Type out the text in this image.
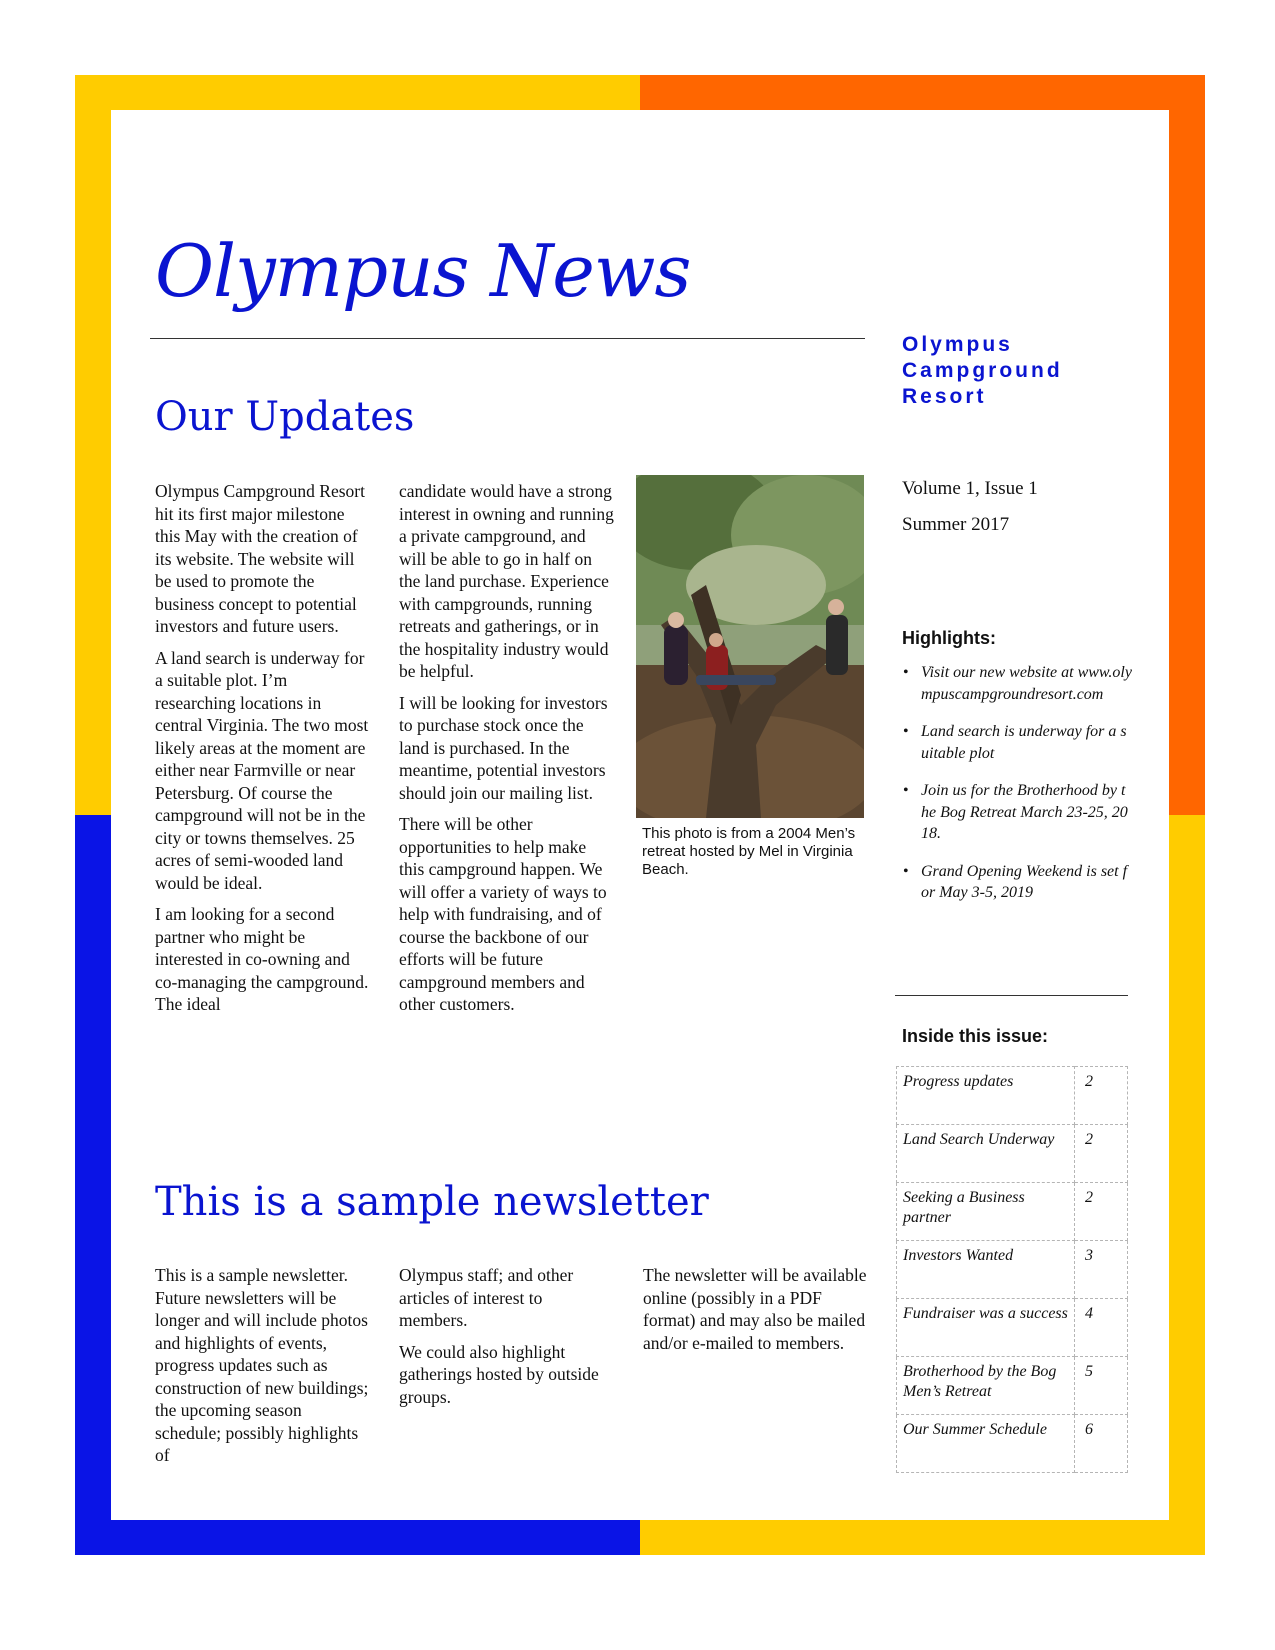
Olympus News
Our Updates

Olympus Campground Resort hit its first major milestone this May with the creation of its website. The website will be used to promote the business concept to potential investors and future users.

A land search is underway for a suitable plot. I’m researching locations in central Virginia. The two most likely areas at the moment are either near Farmville or near Petersburg. Of course the campground will not be in the city or towns themselves. 25 acres of semi-wooded land would be ideal.

I am looking for a second partner who might be interested in co-owning and co-managing the campground. The ideal

candidate would have a strong interest in owning and running a private campground, and will be able to go in half on the land purchase. Experience with campgrounds, running retreats and gatherings, or in the hospitality industry would be helpful.

I will be looking for investors to purchase stock once the land is purchased. In the meantime, potential investors should join our mailing list.

There will be other opportunities to help make this campground happen. We will offer a variety of ways to help with fundraising, and of course the backbone of our efforts will be future campground members and other customers.

This photo is from a 2004 Men’s retreat hosted by Mel in Virginia Beach.
This is a sample newsletter

This is a sample newsletter. Future newsletters will be longer and will include photos and highlights of events, progress updates such as construction of new buildings; the upcoming season schedule; possibly highlights of

Olympus staff; and other articles of interest to members.

We could also highlight gatherings hosted by outside groups.

The newsletter will be available online (possibly in a PDF format) and may also be mailed and/or e-mailed to members.

Olympus Campground Resort
Volume 1, Issue 1
Summer 2017
Highlights:
• Visit our new website at www.olympuscampgroundresort.com
• Land search is underway for a suitable plot
• Join us for the Brotherhood by the Bog Retreat March 23-25, 2018.
• Grand Opening Weekend is set for May 3-5, 2019
Inside this issue:
Progress updates	2
Land Search Underway	2
Seeking a Business partner	2
Investors Wanted	3
Fundraiser was a success	4
Brotherhood by the Bog Men’s Retreat	5
Our Summer Schedule	6
